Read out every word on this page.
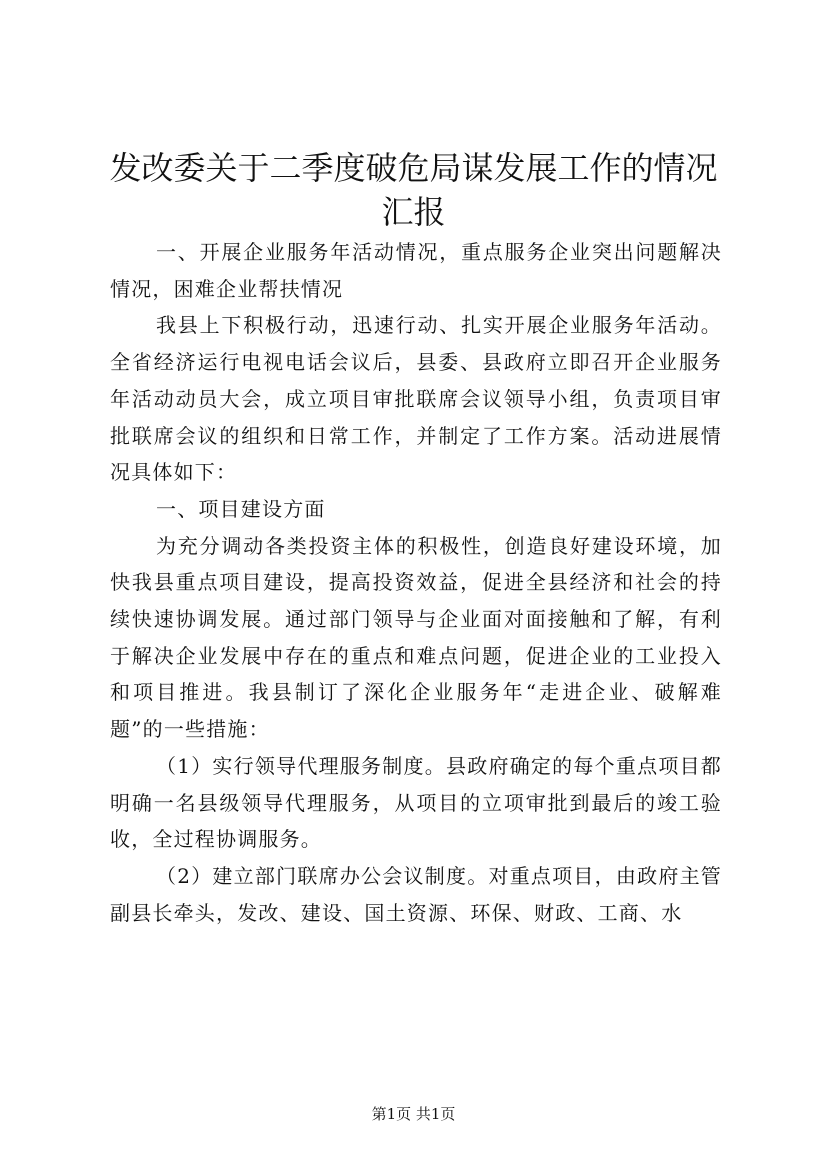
发改委关于二季度破危局谋发展工作的情况汇报

一、开展企业服务年活动情况，重点服务企业突出问题解决情况，困难企业帮扶情况

我县上下积极行动，迅速行动、扎实开展企业服务年活动。全省经济运行电视电话会议后，县委、县政府立即召开企业服务年活动动员大会，成立项目审批联席会议领导小组，负责项目审批联席会议的组织和日常工作，并制定了工作方案。活动进展情况具体如下：

一、项目建设方面

为充分调动各类投资主体的积极性，创造良好建设环境，加快我县重点项目建设，提高投资效益，促进全县经济和社会的持续快速协调发展。通过部门领导与企业面对面接触和了解，有利于解决企业发展中存在的重点和难点问题，促进企业的工业投入和项目推进。我县制订了深化企业服务年“走进企业、破解难题”的一些措施：

（1）实行领导代理服务制度。县政府确定的每个重点项目都明确一名县级领导代理服务，从项目的立项审批到最后的竣工验收，全过程协调服务。

（2）建立部门联席办公会议制度。对重点项目，由政府主管副县长牵头，发改、建设、国土资源、环保、财政、工商、水

第1页 共1页
